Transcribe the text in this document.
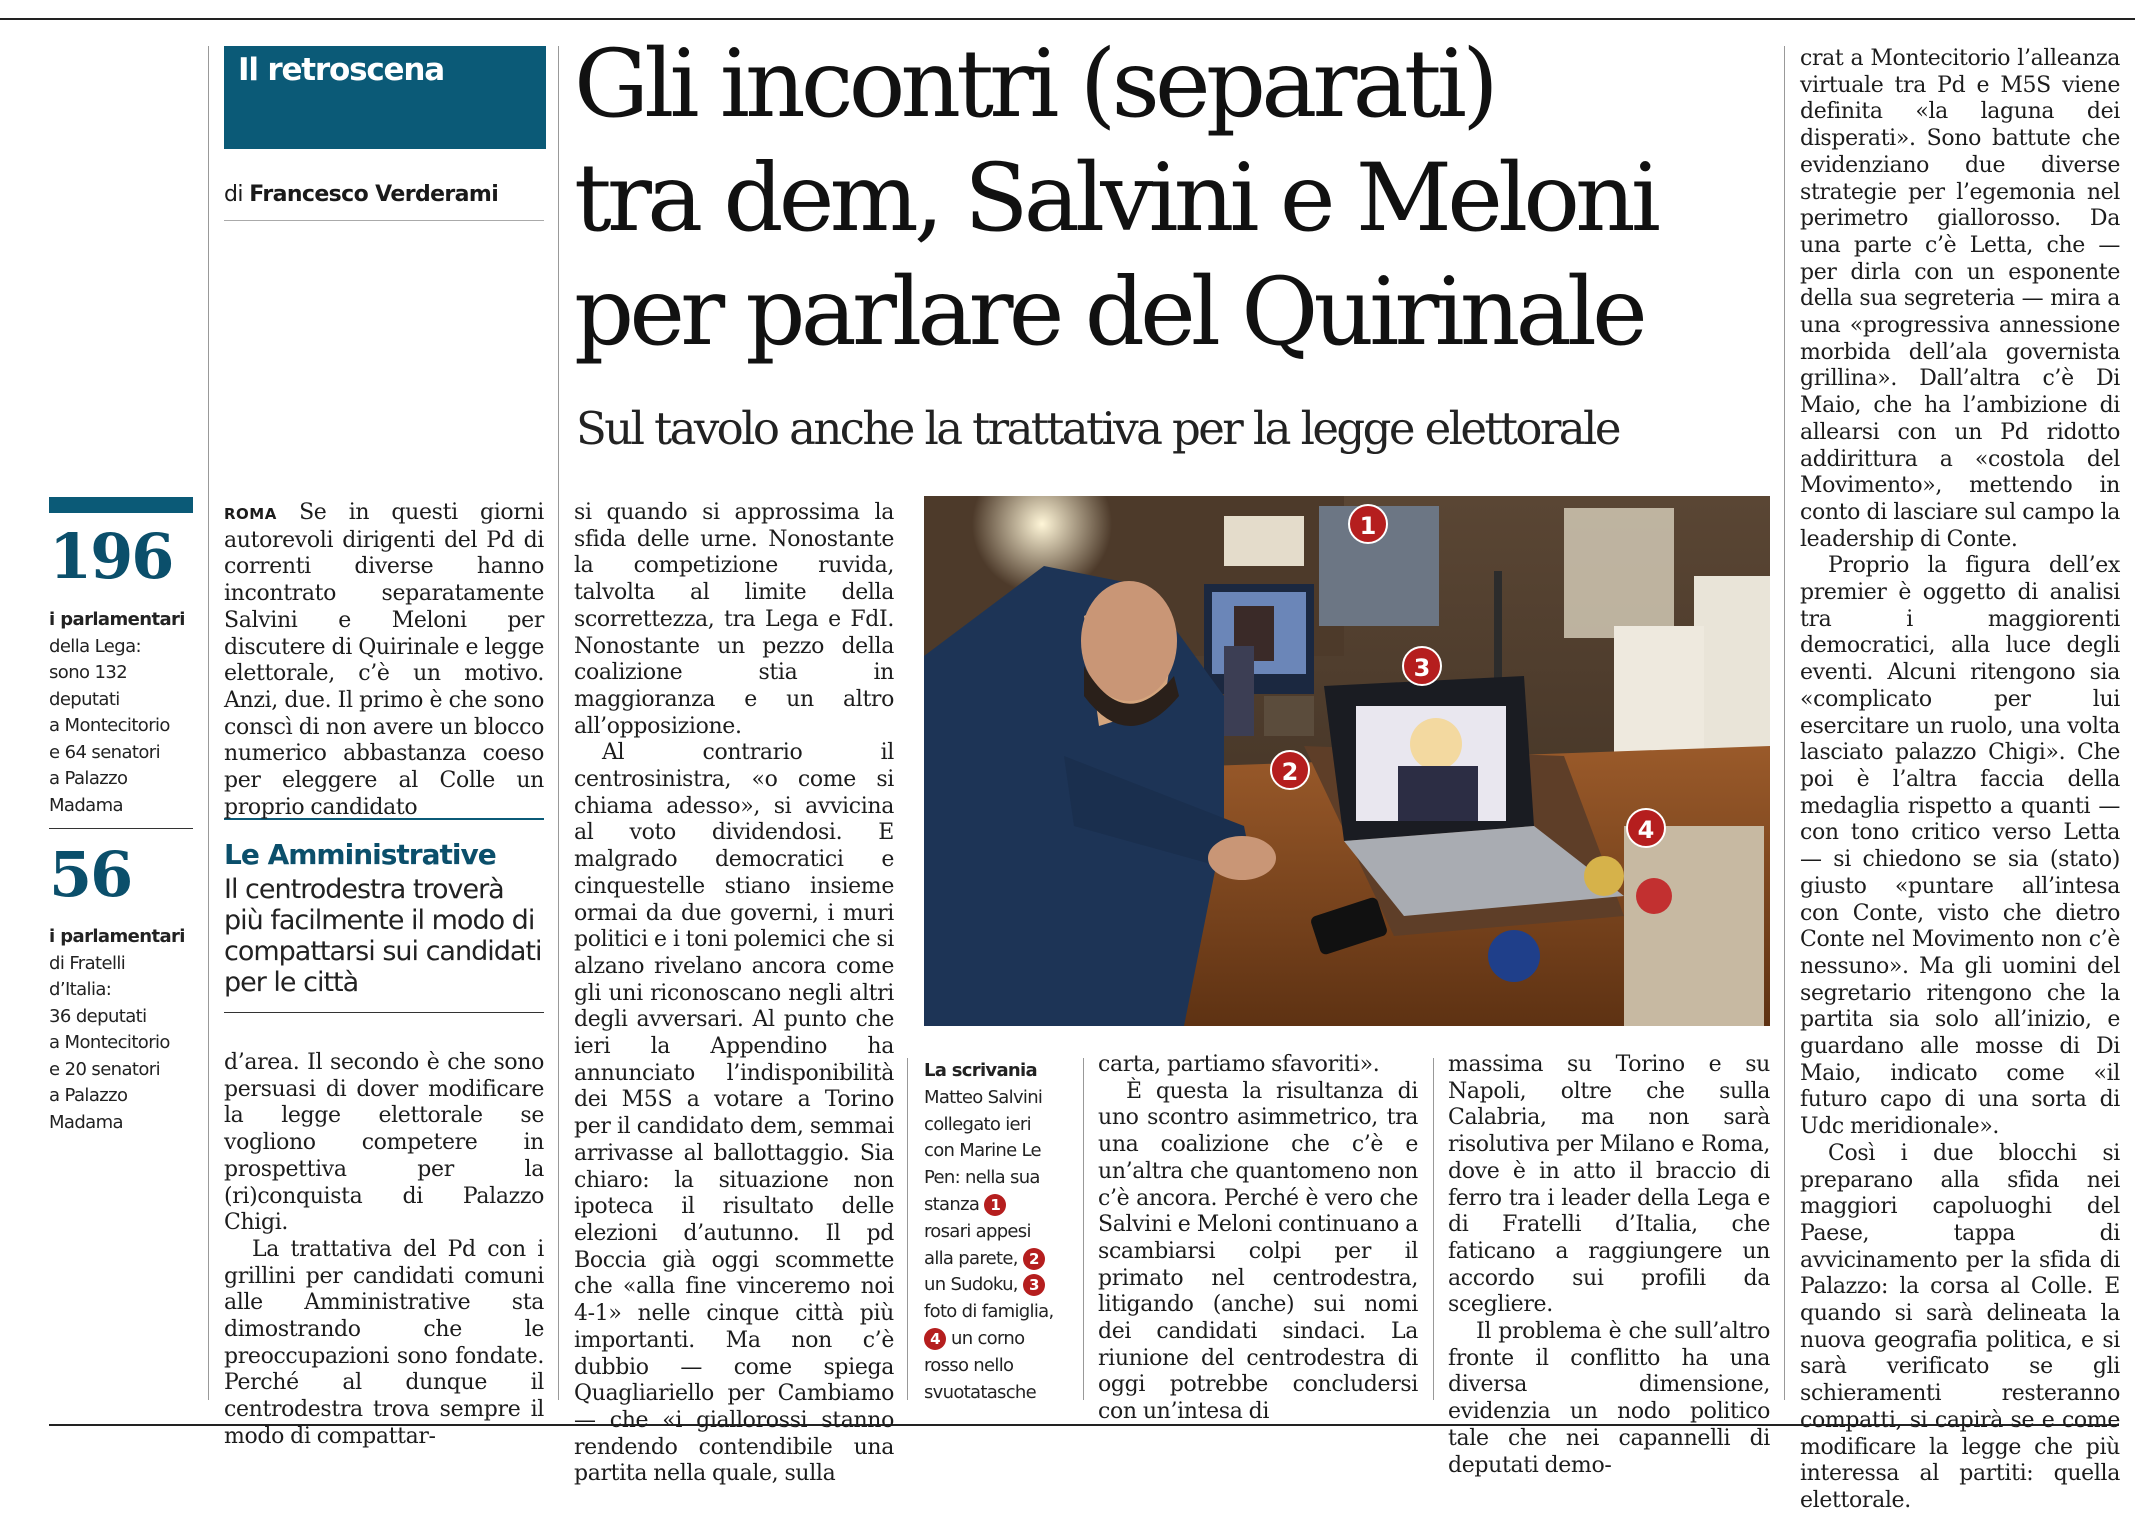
Il retroscena
di Francesco Verderami
Gli incontri (separati)
tra dem, Salvini e Meloni
per parlare del Quirinale
Sul tavolo anche la trattativa per la legge elettorale
196
i parlamentari
della Lega:
sono 132
deputati
a Montecitorio
e 64 senatori
a Palazzo
Madama
56
i parlamentari
di Fratelli
d’Italia:
36 deputati
a Montecitorio
e 20 senatori
a Palazzo
Madama
Le Amministrative
Il centrodestra troverà più facilmente il modo di compattarsi sui candidati per le città

ROMA Se in questi giorni autorevoli dirigenti del Pd di correnti diverse hanno incontrato separatamente Salvini e Meloni per discutere di Quirinale e legge elettorale, c’è un motivo. Anzi, due. Il primo è che sono conscì di non avere un blocco numerico abbastanza coeso per eleggere al Colle un proprio candidato

d’area. Il secondo è che sono persuasi di dover modificare la legge elettorale se vogliono competere in prospettiva per la (ri)conquista di Palazzo Chigi.

La trattativa del Pd con i grillini per candidati comuni alle Amministrative sta dimostrando che le preoccupazioni sono fondate. Perché al dunque il centrodestra trova sempre il modo di compattar-

si quando si approssima la sfida delle urne. Nonostante la competizione ruvida, talvolta al limite della scorrettezza, tra Lega e FdI. Nonostante un pezzo della coalizione stia in maggioranza e un altro all’opposizione.

Al contrario il centrosinistra, «o come si chiama adesso», si avvicina al voto dividendosi. E malgrado democratici e cinquestelle stiano insieme ormai da due governi, i muri politici e i toni polemici che si alzano rivelano ancora come gli uni riconoscano negli altri degli avversari. Al punto che ieri la Appendino ha annunciato l’indisponibilità dei M5S a votare a Torino per il candidato dem, semmai arrivasse al ballottaggio. Sia chiaro: la situazione non ipoteca il risultato delle elezioni d’autunno. Il pd Boccia già oggi scommette che «alla fine vinceremo noi 4-1» nelle cinque città più importanti. Ma non c’è dubbio — come spiega Quagliariello per Cambiamo — che «i giallorossi stanno rendendo contendibile una partita nella quale, sulla

1
2
3
4
La scrivania
Matteo Salvini
collegato ieri
con Marine Le
Pen: nella sua
stanza 1
rosari appesi
alla parete, 2
un Sudoku, 3
foto di famiglia,
4 un corno
rosso nello
svuotatasche

carta, partiamo sfavoriti».

È questa la risultanza di uno scontro asimmetrico, tra una coalizione che c’è e un’altra che quantomeno non c’è ancora. Perché è vero che Salvini e Meloni continuano a scambiarsi colpi per il primato nel centrodestra, litigando (anche) sui nomi dei candidati sindaci. La riunione del centrodestra di oggi potrebbe concludersi con un’intesa di

massima su Torino e su Napoli, oltre che sulla Calabria, ma non sarà risolutiva per Milano e Roma, dove è in atto il braccio di ferro tra i leader della Lega e di Fratelli d’Italia, che faticano a raggiungere un accordo sui profili da scegliere.

Il problema è che sull’altro fronte il conflitto ha una diversa dimensione, evidenzia un nodo politico tale che nei capannelli di deputati demo-

crat a Montecitorio l’alleanza virtuale tra Pd e M5S viene definita «la laguna dei disperati». Sono battute che evidenziano due diverse strategie per l’egemonia nel perimetro giallorosso. Da una parte c’è Letta, che — per dirla con un esponente della sua segreteria — mira a una «progressiva annessione morbida dell’ala governista grillina». Dall’altra c’è Di Maio, che ha l’ambizione di allearsi con un Pd ridotto addirittura a «costola del Movimento», mettendo in conto di lasciare sul campo la leadership di Conte.

Proprio la figura dell’ex premier è oggetto di analisi tra i maggiorenti democratici, alla luce degli eventi. Alcuni ritengono sia «complicato per lui esercitare un ruolo, una volta lasciato palazzo Chigi». Che poi è l’altra faccia della medaglia rispetto a quanti — con tono critico verso Letta — si chiedono se sia (stato) giusto «puntare all’intesa con Conte, visto che dietro Conte nel Movimento non c’è nessuno». Ma gli uomini del segretario ritengono che la partita sia solo all’inizio, e guardano alle mosse di Di Maio, indicato come «il futuro capo di una sorta di Udc meridionale».

Così i due blocchi si preparano alla sfida nei maggiori capoluoghi del Paese, tappa di avvicinamento per la sfida di Palazzo: la corsa al Colle. E quando si sarà delineata la nuova geografia politica, e si sarà verificato se gli schieramenti resteranno compatti, si capirà se e come modificare la legge che più interessa al partiti: quella elettorale.
